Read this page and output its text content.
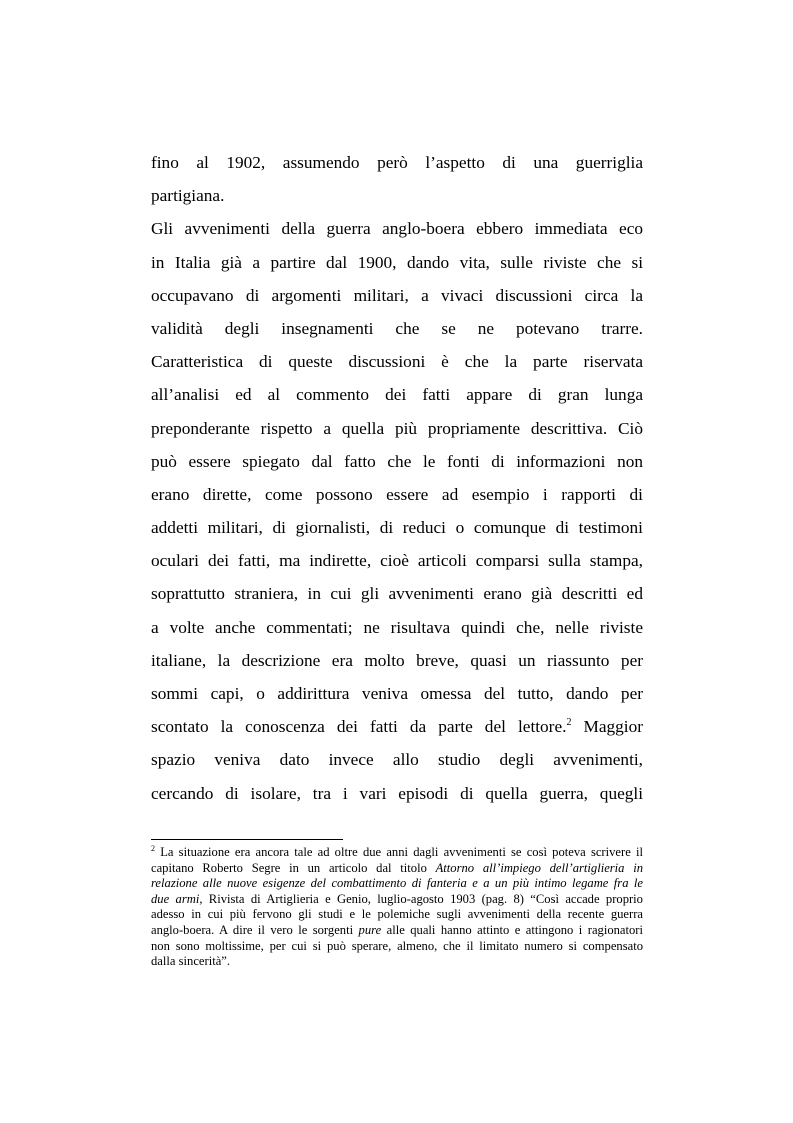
fino al 1902, assumendo però l’aspetto di una guerriglia
partigiana.
Gli avvenimenti della guerra anglo-boera ebbero immediata eco
in Italia già a partire dal 1900, dando vita, sulle riviste che si
occupavano di argomenti militari, a vivaci discussioni circa la
validità degli insegnamenti che se ne potevano trarre.
Caratteristica di queste discussioni è che la parte riservata
all’analisi ed al commento dei fatti appare di gran lunga
preponderante rispetto a quella più propriamente descrittiva. Ciò
può essere spiegato dal fatto che le fonti di informazioni non
erano dirette, come possono essere ad esempio i rapporti di
addetti militari, di giornalisti, di reduci o comunque di testimoni
oculari dei fatti, ma indirette, cioè articoli comparsi sulla stampa,
soprattutto straniera, in cui gli avvenimenti erano già descritti ed
a volte anche commentati; ne risultava quindi che, nelle riviste
italiane, la descrizione era molto breve, quasi un riassunto per
sommi capi, o addirittura veniva omessa del tutto, dando per
scontato la conoscenza dei fatti da parte del lettore.$^2$ Maggior
spazio veniva dato invece allo studio degli avvenimenti,
cercando di isolare, tra i vari episodi di quella guerra, quegli
$^2$ La situazione era ancora tale ad oltre due anni dagli avvenimenti se così poteva scrivere il
capitano Roberto Segre in un articolo dal titolo Attorno all’impiego dell’artiglieria in
relazione alle nuove esigenze del combattimento di fanteria e a un più intimo legame fra le
due armi, Rivista di Artiglieria e Genio, luglio-agosto 1903 (pag. 8) “Così accade proprio
adesso in cui più fervono gli studi e le polemiche sugli avvenimenti della recente guerra
anglo-boera. A dire il vero le sorgenti pure alle quali hanno attinto e attingono i ragionatori
non sono moltissime, per cui si può sperare, almeno, che il limitato numero si compensato
dalla sincerità”.
